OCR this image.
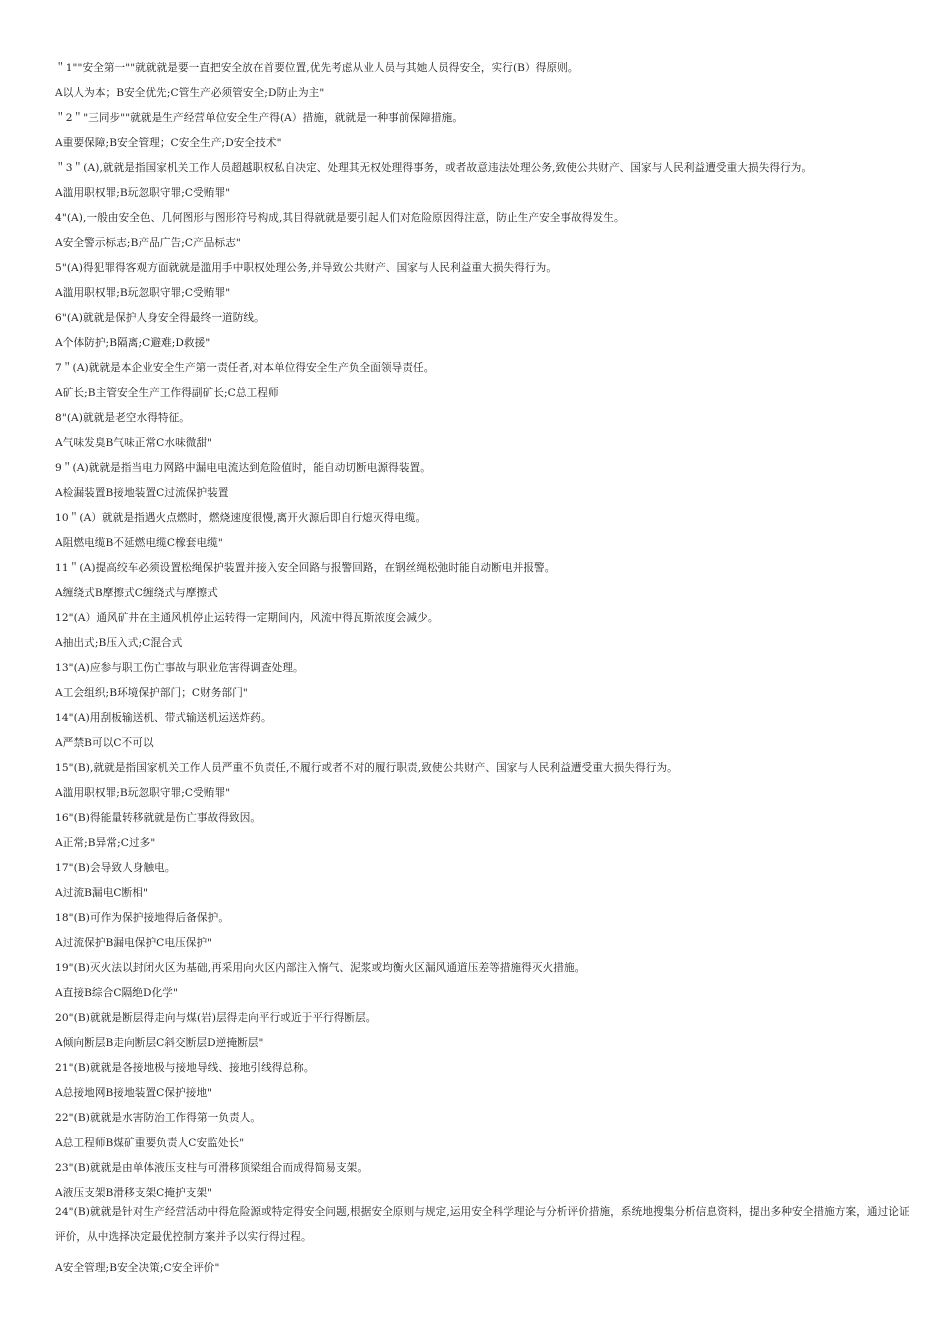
＂1""安全第一""就就就是要一直把安全放在首要位置,优先考虑从业人员与其她人员得安全，实行(B）得原则。
A以人为本；B安全优先;C管生产必须管安全;D防止为主"
＂2＂"三同步""就就是生产经营单位安全生产得(A）措施，就就是一种事前保障措施。
A重要保障;B安全管理；C安全生产;D安全技术"
＂3＂(A),就就是指国家机关工作人员超越职权私自决定、处理其无权处理得事务，或者故意违法处理公务,致使公共财产、国家与人民利益遭受重大损失得行为。
A滥用职权罪;B玩忽职守罪;C受贿罪"
4"(A),一般由安全色、几何图形与图形符号构成,其目得就就是要引起人们对危险原因得注意，防止生产安全事故得发生。
A安全警示标志;B产品广告;C产品标志"
5"(A)得犯罪得客观方面就就是滥用手中职权处理公务,并导致公共财产、国家与人民利益重大损失得行为。
A滥用职权罪;B玩忽职守罪;C受贿罪"
6"(A)就就是保护人身安全得最终一道防线。
A个体防护;B隔离;C避难;D救援"
7＂(A)就就是本企业安全生产第一责任者,对本单位得安全生产负全面领导责任。
A矿长;B主管安全生产工作得副矿长;C总工程师
8"(A)就就是老空水得特征。
A气味发臭B气味正常C水味微甜"
9＂(A)就就是指当电力网路中漏电电流达到危险值时，能自动切断电源得装置。
A检漏装置B接地装置C过流保护装置
10＂(A）就就是指遇火点燃时，燃烧速度很慢,离开火源后即自行熄灭得电缆。
A阻燃电缆B不延燃电缆C橡套电缆"
11＂(A)提高绞车必须设置松绳保护装置并接入安全回路与报警回路，在钢丝绳松弛时能自动断电并报警。
A缠绕式B摩擦式C缠绕式与摩擦式
12"(A）通风矿井在主通风机停止运转得一定期间内，风流中得瓦斯浓度会减少。
A抽出式;B压入式;C混合式
13"(A)应参与职工伤亡事故与职业危害得调查处理。
A工会组织;B环境保护部门；C财务部门"
14"(A)用刮板输送机、带式输送机运送炸药。
A严禁B可以C不可以
15"(B),就就是指国家机关工作人员严重不负责任,不履行或者不对的履行职责,致使公共财产、国家与人民利益遭受重大损失得行为。
A滥用职权罪;B玩忽职守罪;C受贿罪"
16"(B)得能量转移就就是伤亡事故得致因。
A正常;B异常;C过多"
17"(B)会导致人身触电。
A过流B漏电C断相"
18"(B)可作为保护接地得后备保护。
A过流保护B漏电保护C电压保护"
19"(B)灭火法以封闭火区为基础,再采用向火区内部注入惰气、泥浆或均衡火区漏风通道压差等措施得灭火措施。
A直接B综合C隔绝D化学"
20"(B)就就是断层得走向与煤(岩)层得走向平行或近于平行得断层。
A倾向断层B走向断层C斜交断层D逆掩断层"
21"(B)就就是各接地极与接地导线、接地引线得总称。
A总接地网B接地装置C保护接地"
22"(B)就就是水害防治工作得第一负责人。
A总工程师B煤矿重要负责人C安监处长"
23"(B)就就是由单体液压支柱与可滑移顶梁组合而成得简易支架。
A液压支架B滑移支架C掩护支架"
24"(B)就就是针对生产经营活动中得危险源或特定得安全问题,根据安全原则与规定,运用安全科学理论与分析评价措施，系统地搜集分析信息资料，提出多种安全措施方案，通过论证评价，从中选择决定最优控制方案并予以实行得过程。
A安全管理;B安全决策;C安全评价"
